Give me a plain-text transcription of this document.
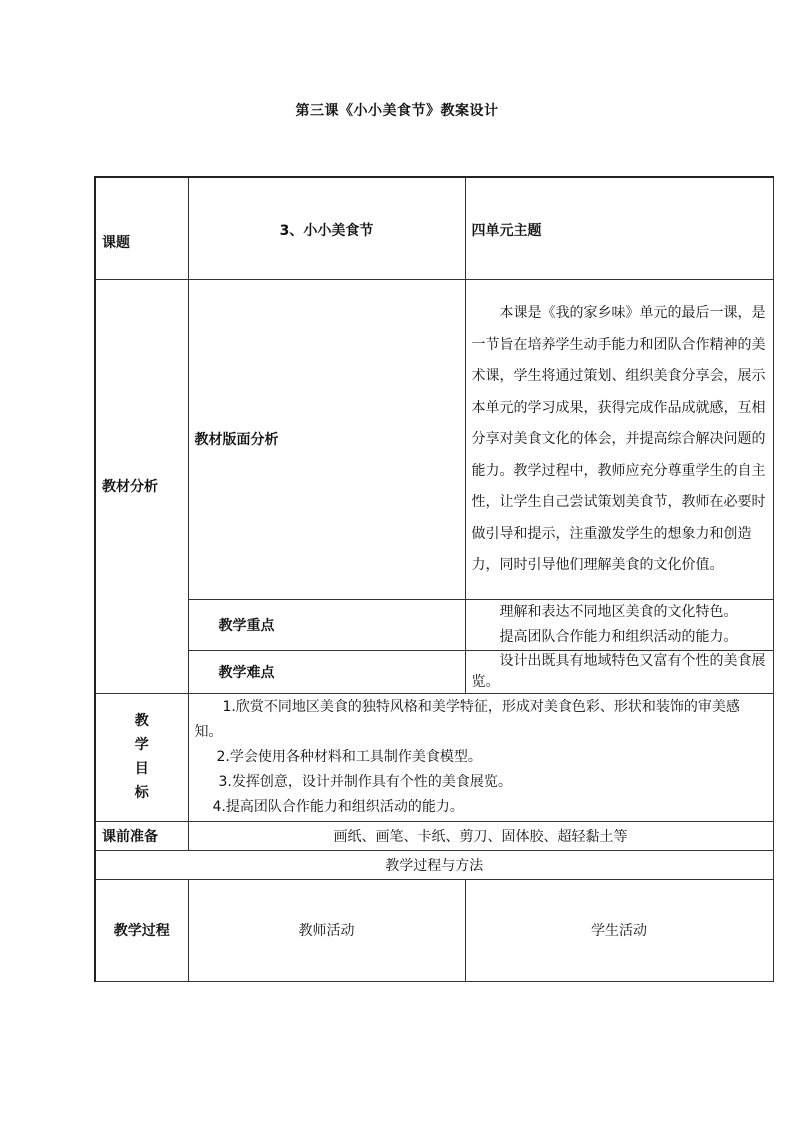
第三课《小小美食节》教案设计
课题	3、小小美食节	四单元主题
教材分析	教材版面分析	本课是《我的家乡味》单元的最后一课，是一节旨在培养学生动手能力和团队合作精神的美术课，学生将通过策划、组织美食分享会，展示本单元的学习成果，获得完成作品成就感，互相分享对美食文化的体会，并提高综合解决问题的能力。教学过程中，教师应充分尊重学生的自主性，让学生自己尝试策划美食节，教师在必要时做引导和提示，注重激发学生的想象力和创造力，同时引导他们理解美食的文化价值。

	教学重点	理解和表达不同地区美食的文化特色。
提高团队合作能力和组织活动的能力。

	教学难点	设计出既具有地域特色又富有个性的美食展览。

教
学
目
标	1.欣赏不同地区美食的独特风格和美学特征，形成对美食色彩、形状和装饰的审美感知。
2.学会使用各种材料和工具制作美食模型。
3.发挥创意，设计并制作具有个性的美食展览。
4.提高团队合作能力和组织活动的能力。	

课前准备	画纸、画笔、卡纸、剪刀、固体胶、超轻黏土等	
教学过程与方法		
教学过程	教师活动	学生活动
